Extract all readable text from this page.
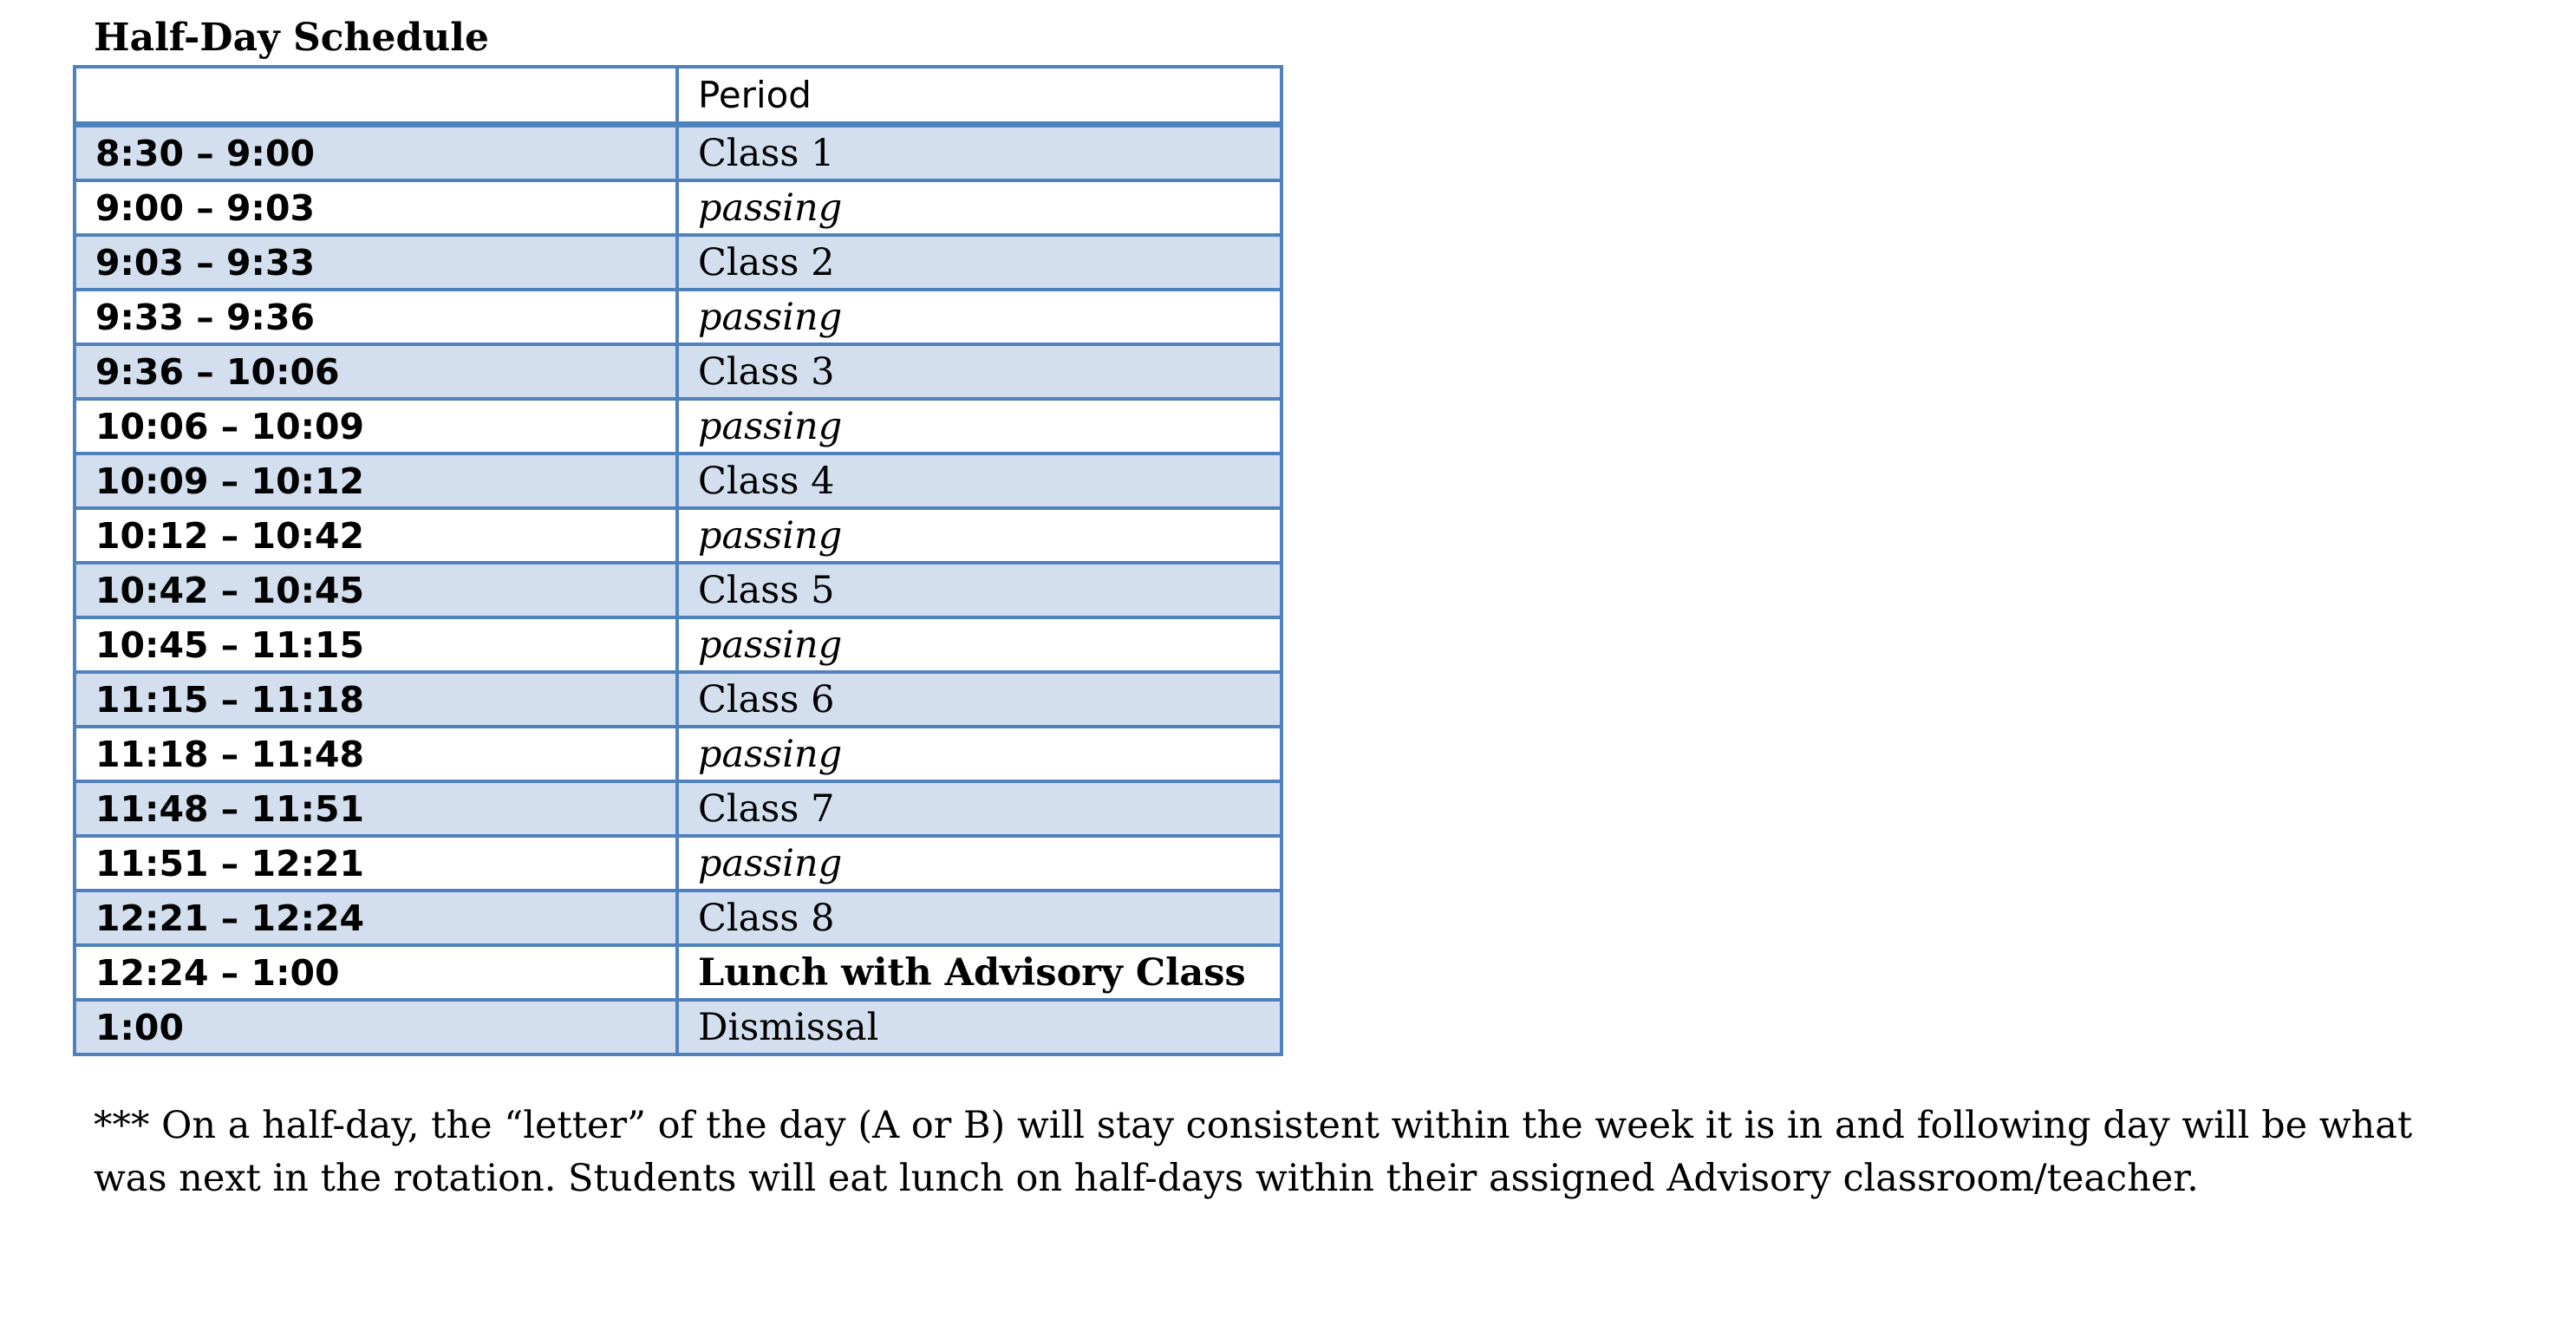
Half-Day Schedule
	Period
8:30 – 9:00	Class 1
9:00 – 9:03	passing
9:03 – 9:33	Class 2
9:33 – 9:36	passing
9:36 – 10:06	Class 3
10:06 – 10:09	passing
10:09 – 10:12	Class 4
10:12 – 10:42	passing
10:42 – 10:45	Class 5
10:45 – 11:15	passing
11:15 – 11:18	Class 6
11:18 – 11:48	passing
11:48 – 11:51	Class 7
11:51 – 12:21	passing
12:21 – 12:24	Class 8
12:24 – 1:00	Lunch with Advisory Class
1:00	Dismissal

*** On a half-day, the “letter” of the day (A or B) will stay consistent within the week it is in and following day will be what was next in the rotation. Students will eat lunch on half-days within their assigned Advisory classroom/teacher.
